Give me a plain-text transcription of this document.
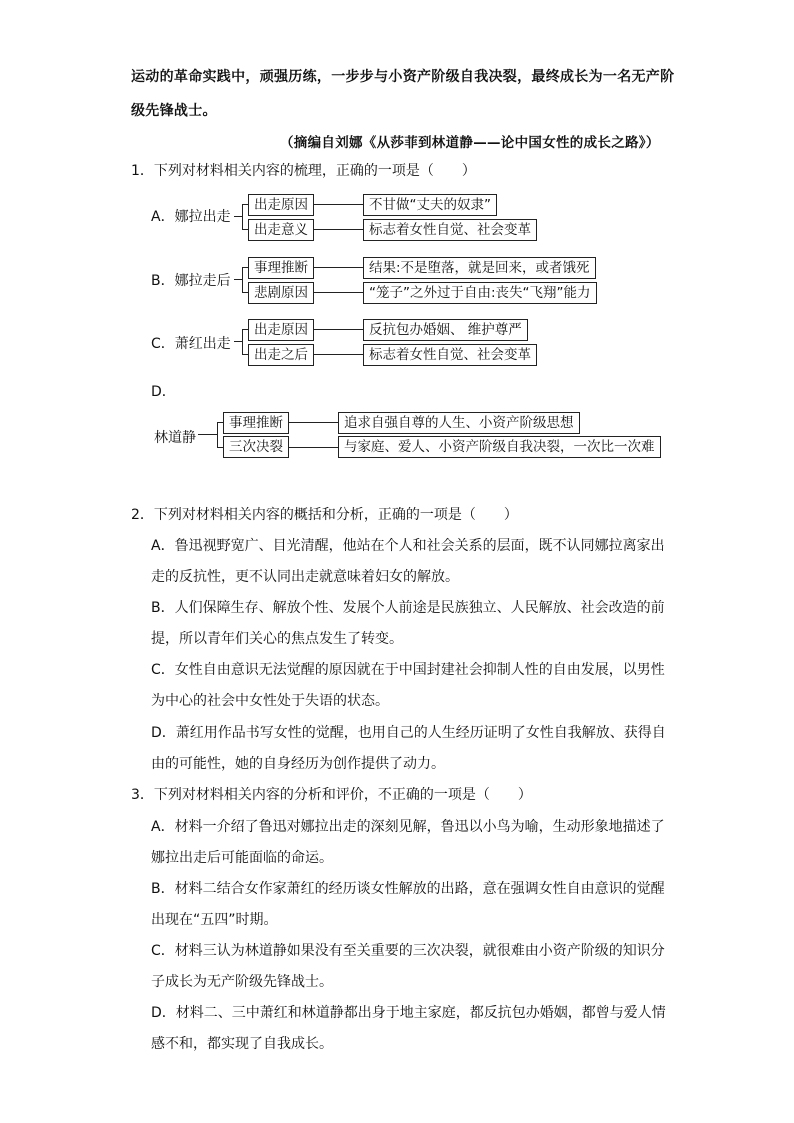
运动的革命实践中，顽强历练，一步步与小资产阶级自我决裂，最终成长为一名无产阶
级先锋战士。
（摘编自刘娜《从莎菲到林道静——论中国女性的成长之路》）
1．下列对材料相关内容的梳理，正确的一项是（　　）
A．娜拉出走
出走原因
出走意义
不甘做“丈夫的奴隶”
标志着女性自觉、社会变革
B．娜拉走后
事理推断
悲剧原因
结果:不是堕落，就是回来，或者饿死
“笼子”之外过于自由:丧失“飞翔”能力
C．萧红出走
出走原因
出走之后
反抗包办婚姻、 维护尊严
标志着女性自觉、社会变革
D．
林道静
事理推断
三次决裂
追求自强自尊的人生、小资产阶级思想
与家庭、爱人、小资产阶级自我决裂，一次比一次难
2．下列对材料相关内容的概括和分析，正确的一项是（　　）
A．鲁迅视野宽广、目光清醒，他站在个人和社会关系的层面，既不认同娜拉离家出
走的反抗性，更不认同出走就意味着妇女的解放。
B．人们保障生存、解放个性、发展个人前途是民族独立、人民解放、社会改造的前
提，所以青年们关心的焦点发生了转变。
C．女性自由意识无法觉醒的原因就在于中国封建社会抑制人性的自由发展，以男性
为中心的社会中女性处于失语的状态。
D．萧红用作品书写女性的觉醒，也用自己的人生经历证明了女性自我解放、获得自
由的可能性，她的自身经历为创作提供了动力。
3．下列对材料相关内容的分析和评价，不正确的一项是（　　）
A．材料一介绍了鲁迅对娜拉出走的深刻见解，鲁迅以小鸟为喻，生动形象地描述了
娜拉出走后可能面临的命运。
B．材料二结合女作家萧红的经历谈女性解放的出路，意在强调女性自由意识的觉醒
出现在“五四”时期。
C．材料三认为林道静如果没有至关重要的三次决裂，就很难由小资产阶级的知识分
子成长为无产阶级先锋战士。
D．材料二、三中萧红和林道静都出身于地主家庭，都反抗包办婚姻，都曾与爱人情
感不和，都实现了自我成长。
